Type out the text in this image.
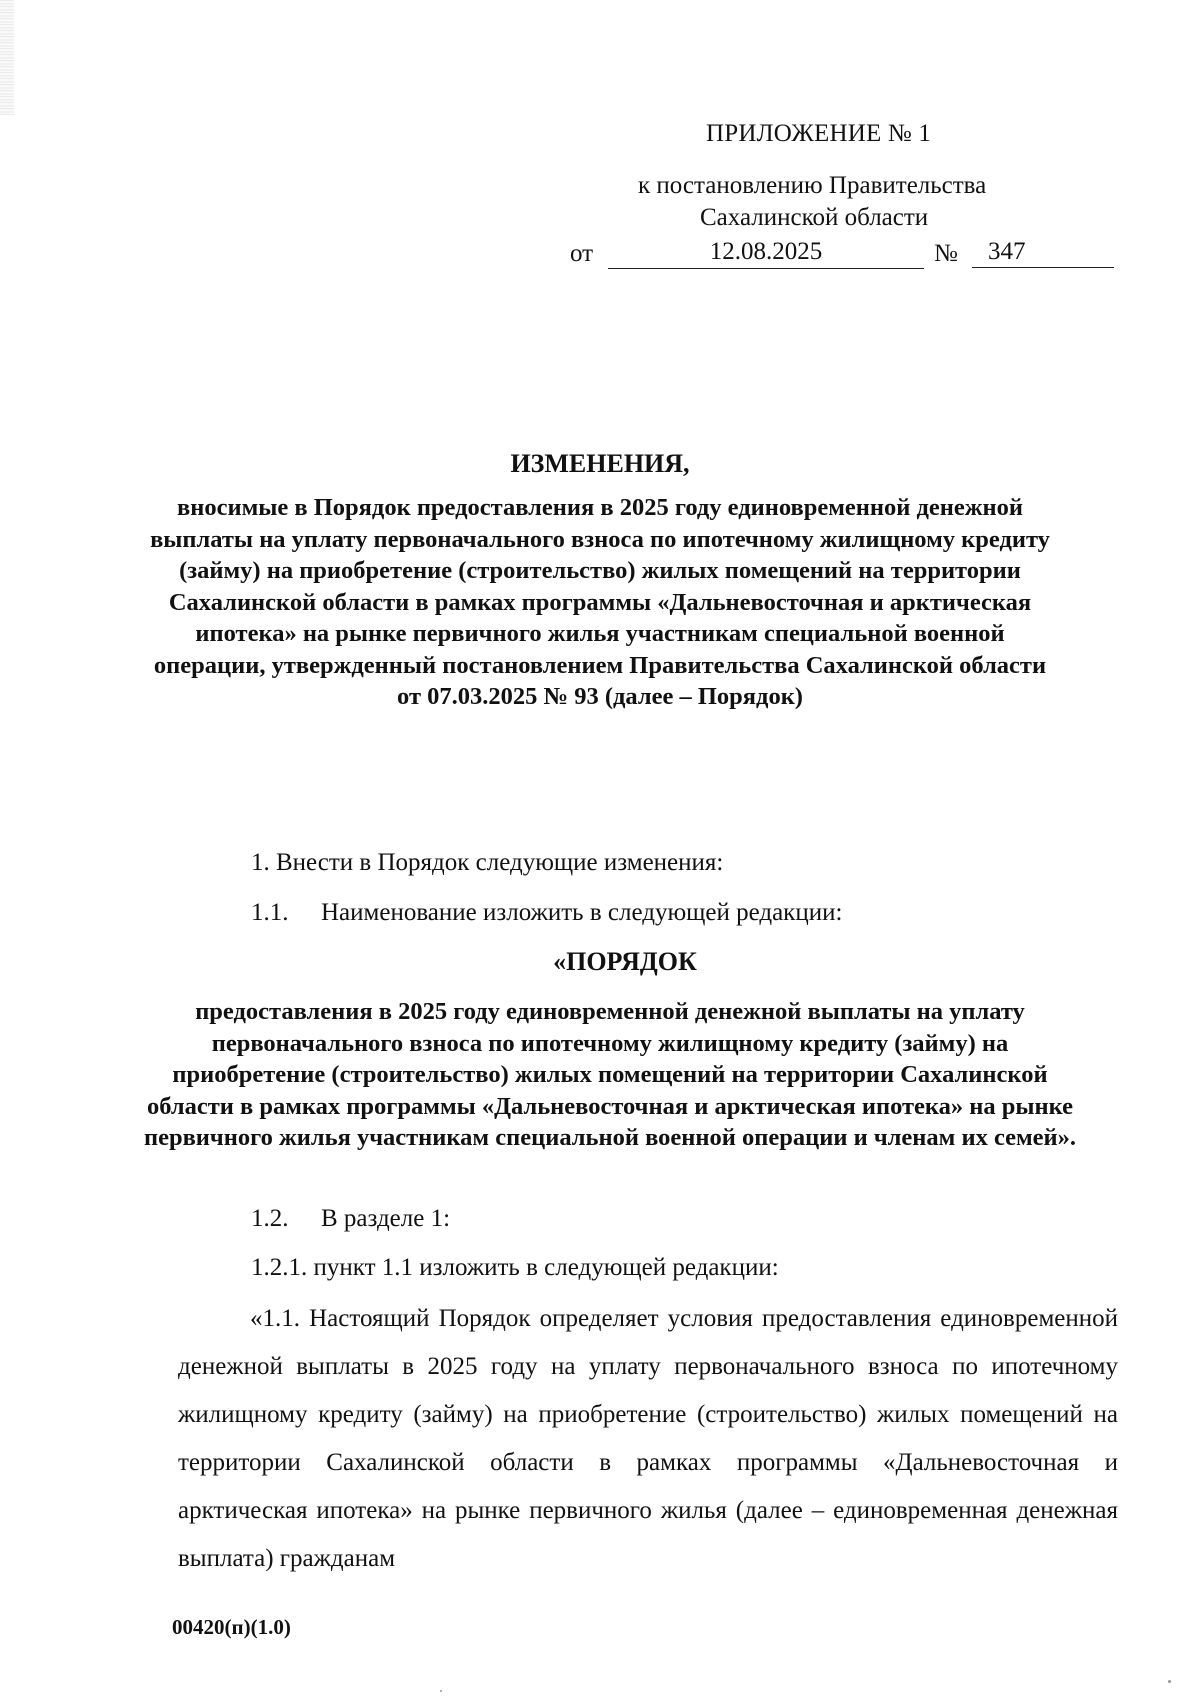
ПРИЛОЖЕНИЕ № 1
к постановлению Правительства
Сахалинской области
от	12.08.2025	№	347
ИЗМЕНЕНИЯ,

вносимые в Порядок предоставления в 2025 году единовременной денежной выплаты на уплату первоначального взноса по ипотечному жилищному кредиту (займу) на приобретение (строительство) жилых помещений на территории Сахалинской области в рамках программы «Дальневосточная и арктическая ипотека» на рынке первичного жилья участникам специальной военной операции, утвержденный постановлением Правительства Сахалинской области от 07.03.2025 № 93 (далее – Порядок)

1. Внести в Порядок следующие изменения:

1.1. Наименование изложить в следующей редакции:

«ПОРЯДОК

предоставления в 2025 году единовременной денежной выплаты на уплату первоначального взноса по ипотечному жилищному кредиту (займу) на приобретение (строительство) жилых помещений на территории Сахалинской области в рамках программы «Дальневосточная и арктическая ипотека» на рынке первичного жилья участникам специальной военной операции и членам их семей».

1.2. В разделе 1:

1.2.1. пункт 1.1 изложить в следующей редакции:

«1.1. Настоящий Порядок определяет условия предоставления единовременной денежной выплаты в 2025 году на уплату первоначального взноса по ипотечному жилищному кредиту (займу) на приобретение (строительство) жилых помещений на территории Сахалинской области в рамках программы «Дальневосточная и арктическая ипотека» на рынке первичного жилья (далее – единовременная денежная выплата) гражданам

00420(п)(1.0)
